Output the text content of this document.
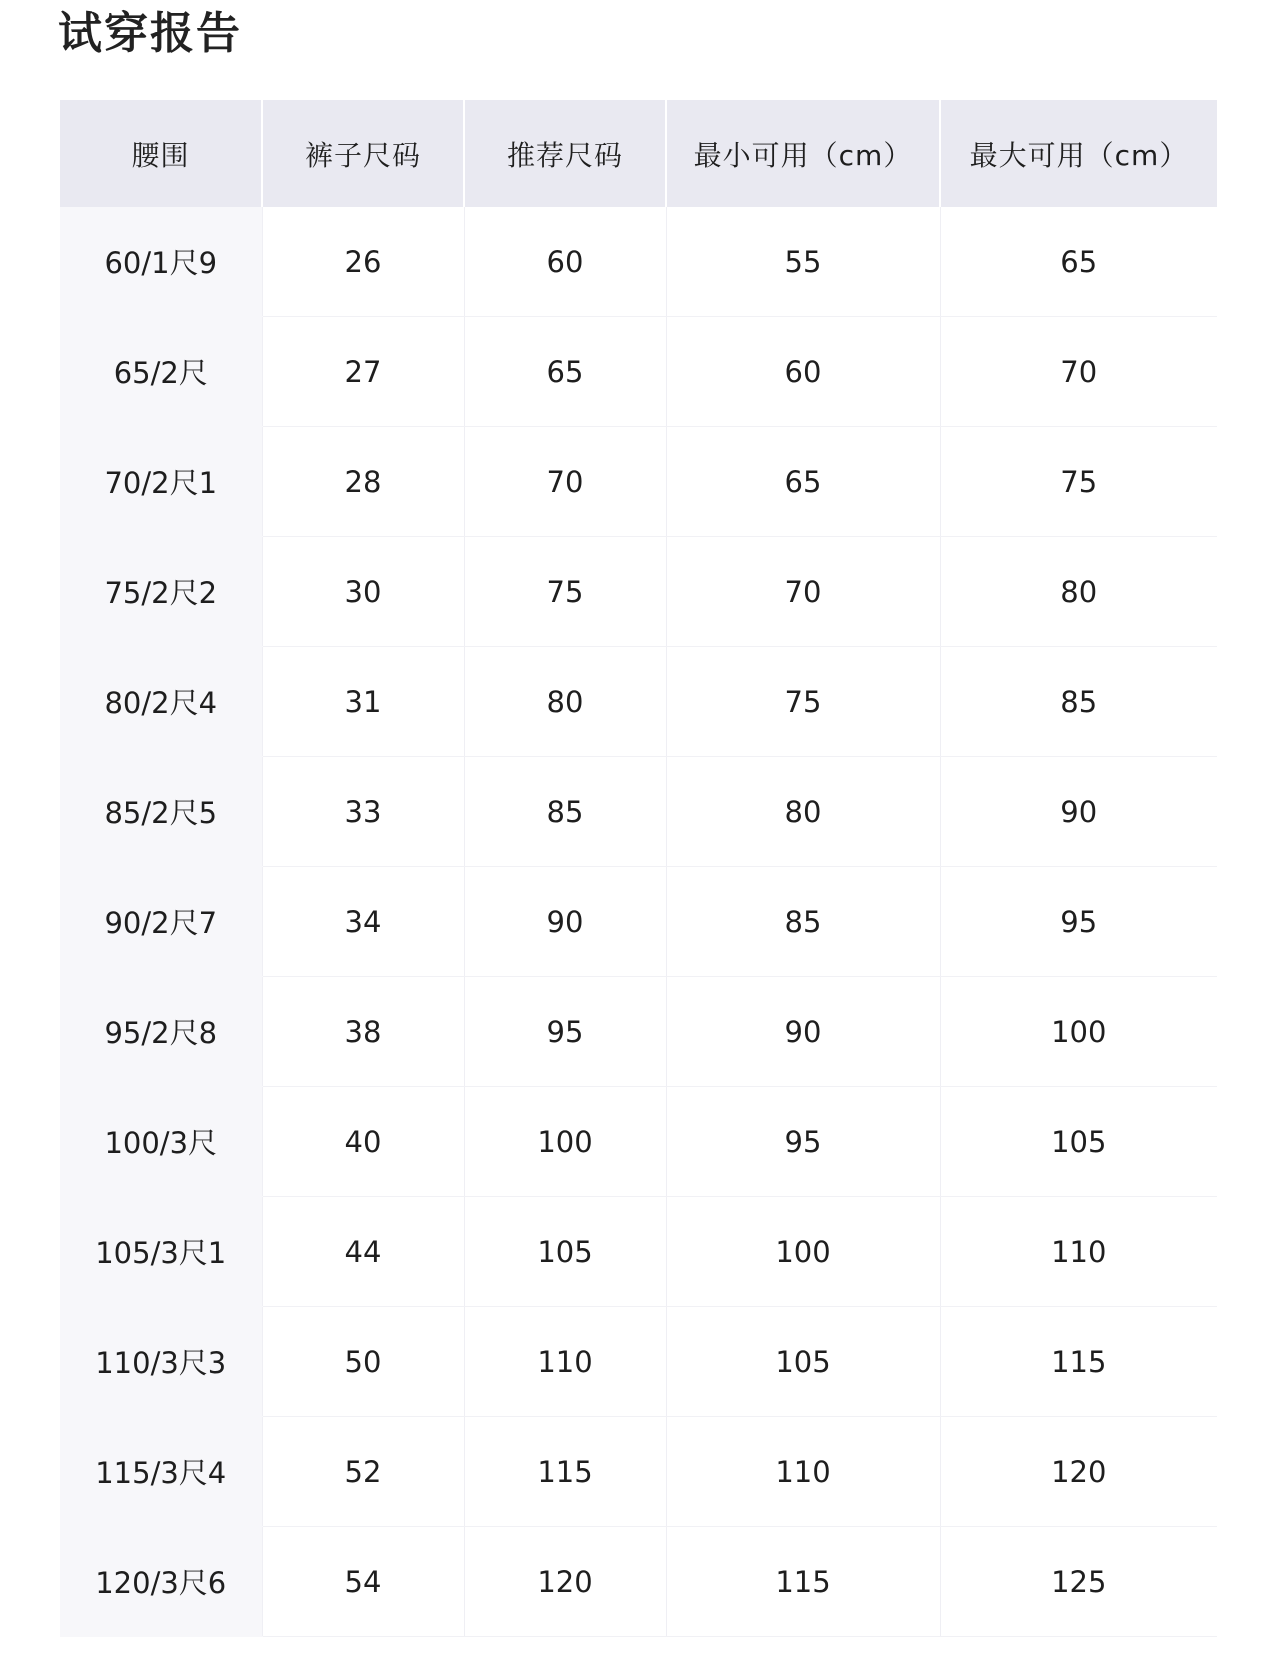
试穿报告
腰围	裤子尺码	推荐尺码	最小可用（cm）	最大可用（cm）
60/1尺9	26	60	55	65
65/2尺	27	65	60	70
70/2尺1	28	70	65	75
75/2尺2	30	75	70	80
80/2尺4	31	80	75	85
85/2尺5	33	85	80	90
90/2尺7	34	90	85	95
95/2尺8	38	95	90	100
100/3尺	40	100	95	105
105/3尺1	44	105	100	110
110/3尺3	50	110	105	115
115/3尺4	52	115	110	120
120/3尺6	54	120	115	125
